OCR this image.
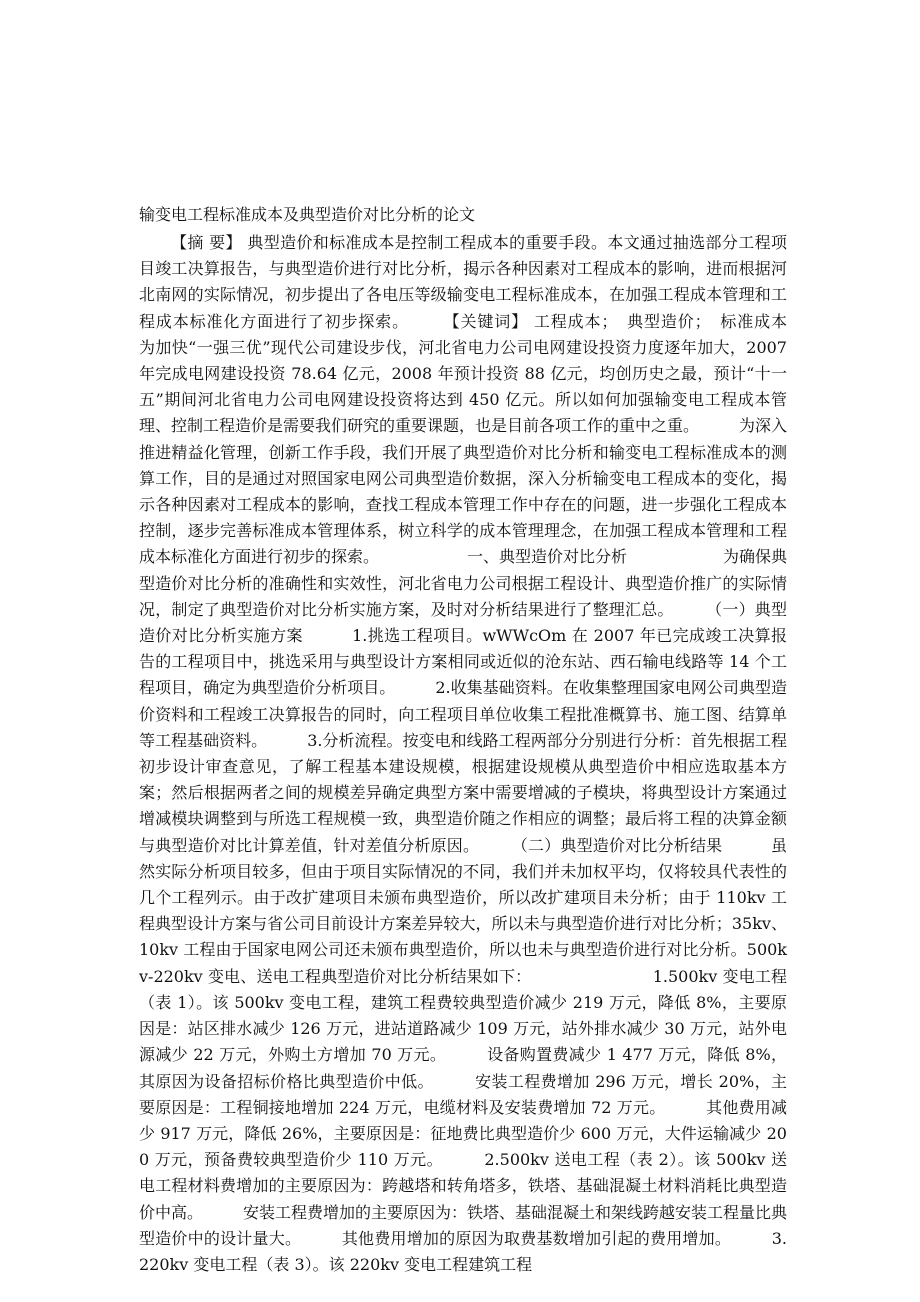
输变电工程标准成本及典型造价对比分析的论文
【摘 要】 典型造价和标准成本是控制工程成本的重要手段。本文通过抽选部分工程项目竣工决算报告，与典型造价进行对比分析，揭示各种因素对工程成本的影响，进而根据河北南网的实际情况，初步提出了各电压等级输变电工程标准成本，在加强工程成本管理和工程成本标准化方面进行了初步探索。　　　【关键词】 工程成本；　典型造价；　标准成本　　　为加快“一强三优”现代公司建设步伐，河北省电力公司电网建设投资力度逐年加大，2007年完成电网建设投资 78.64 亿元，2008 年预计投资 88 亿元，均创历史之最，预计“十一五”期间河北省电力公司电网建设投资将达到 450 亿元。所以如何加强输变电工程成本管理、控制工程造价是需要我们研究的重要课题，也是目前各项工作的重中之重。　　　为深入推进精益化管理，创新工作手段，我们开展了典型造价对比分析和输变电工程标准成本的测算工作，目的是通过对照国家电网公司典型造价数据，深入分析输变电工程成本的变化，揭示各种因素对工程成本的影响，查找工程成本管理工作中存在的问题，进一步强化工程成本控制，逐步完善标准成本管理体系，树立科学的成本管理理念，在加强工程成本管理和工程成本标准化方面进行初步的探索。　　　　　　一、典型造价对比分析　　　　　　为确保典型造价对比分析的准确性和实效性，河北省电力公司根据工程设计、典型造价推广的实际情况，制定了典型造价对比分析实施方案，及时对分析结果进行了整理汇总。　　　（一）典型造价对比分析实施方案　　　1.挑选工程项目。wWWcOm 在 2007 年已完成竣工决算报告的工程项目中，挑选采用与典型设计方案相同或近似的沧东站、西石输电线路等 14 个工程项目，确定为典型造价分析项目。　　　2.收集基础资料。在收集整理国家电网公司典型造价资料和工程竣工决算报告的同时，向工程项目单位收集工程批准概算书、施工图、结算单等工程基础资料。　　　3.分析流程。按变电和线路工程两部分分别进行分析：首先根据工程初步设计审查意见，了解工程基本建设规模，根据建设规模从典型造价中相应选取基本方案；然后根据两者之间的规模差异确定典型方案中需要增减的子模块，将典型设计方案通过增减模块调整到与所选工程规模一致，典型造价随之作相应的调整；最后将工程的决算金额与典型造价对比计算差值，针对差值分析原因。　　　（二）典型造价对比分析结果　　　虽然实际分析项目较多，但由于项目实际情况的不同，我们并未加权平均，仅将较具代表性的几个工程列示。由于改扩建项目未颁布典型造价，所以改扩建项目未分析；由于 110kv 工程典型设计方案与省公司目前设计方案差异较大，所以未与典型造价进行对比分析；35kv、10kv 工程由于国家电网公司还未颁布典型造价，所以也未与典型造价进行对比分析。500kv-220kv 变电、送电工程典型造价对比分析结果如下：　　　　　　　　1.500kv 变电工程（表 1）。该 500kv 变电工程，建筑工程费较典型造价减少 219 万元，降低 8%，主要原因是：站区排水减少 126 万元，进站道路减少 109 万元，站外排水减少 30 万元，站外电源减少 22 万元，外购土方增加 70 万元。　　　设备购置费减少 1 477 万元，降低 8%，其原因为设备招标价格比典型造价中低。　　　安装工程费增加 296 万元，增长 20%，主要原因是：工程铜接地增加 224 万元，电缆材料及安装费增加 72 万元。　　　其他费用减少 917 万元，降低 26%，主要原因是：征地费比典型造价少 600 万元，大件运输减少 200 万元，预备费较典型造价少 110 万元。　　　2.500kv 送电工程（表 2）。该 500kv 送电工程材料费增加的主要原因为：跨越塔和转角塔多，铁塔、基础混凝土材料消耗比典型造价中高。　　　安装工程费增加的主要原因为：铁塔、基础混凝土和架线跨越安装工程量比典型造价中的设计量大。　　　其他费用增加的原因为取费基数增加引起的费用增加。　　　3.220kv 变电工程（表 3）。该 220kv 变电工程建筑工程
